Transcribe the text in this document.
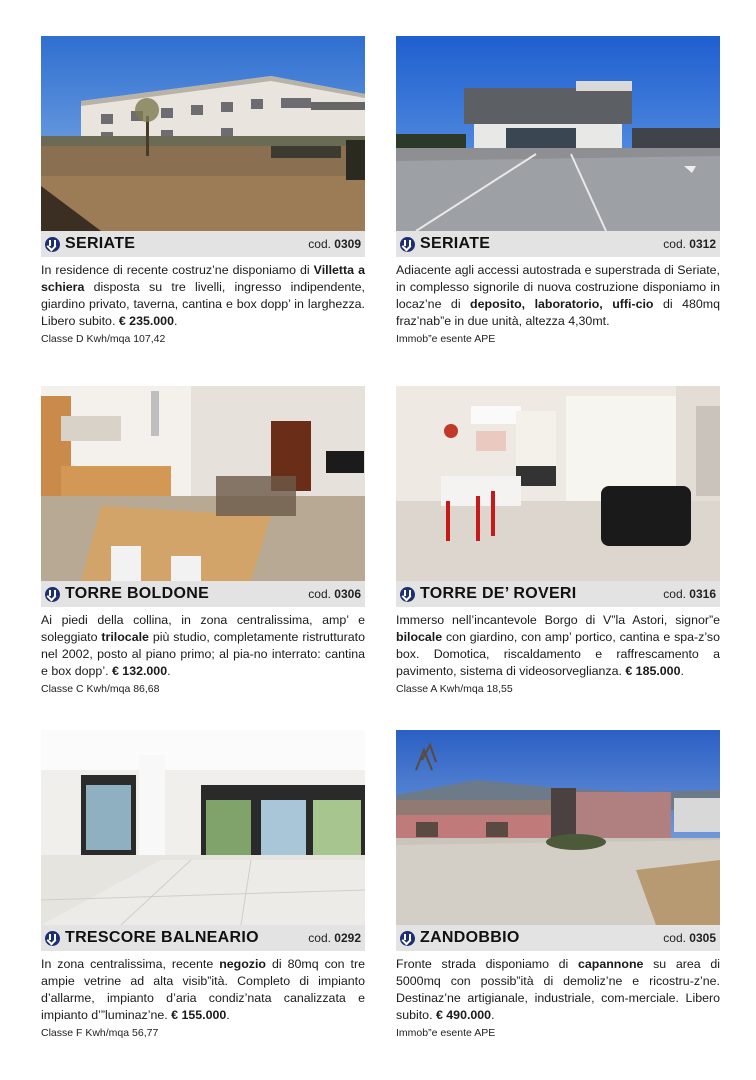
SERIATE	cod. 0309
In residence di recente costruz’ne disponiamo di Villetta a schiera disposta su tre livelli, ingresso indipendente, giardino privato, taverna, cantina e box dopp’ in larghezza. Libero subito. € 235.000.
Classe D Kwh/mqa 107,42
SERIATE	cod. 0312
Adiacente agli accessi autostrada e superstrada di Seriate, in complesso signorile di nuova costruzione disponiamo in locaz’ne di deposito, laboratorio, uffi-cio di 480mq fraz’nab”e in due unità, altezza 4,30mt.
Immob”e esente APE
TORRE BOLDONE	cod. 0306
Ai piedi della collina, in zona centralissima, amp’ e soleggiato trilocale più studio, completamente ristrutturato nel 2002, posto al piano primo; al pia-no interrato: cantina e box dopp’. € 132.000.
Classe C Kwh/mqa 86,68
TORRE DE’ ROVERI	cod. 0316
Immerso nell’incantevole Borgo di V”la Astori, signor”e bilocale con giardino, con amp’ portico, cantina e spa-z’so box. Domotica, riscaldamento e raffrescamento a pavimento, sistema di videosorveglianza. € 185.000.
Classe A Kwh/mqa 18,55
TRESCORE BALNEARIO	cod. 0292
In zona centralissima, recente negozio di 80mq con tre ampie vetrine ad alta visib”ità. Completo di impianto d’allarme, impianto d’aria condiz’nata canalizzata e impianto d’”luminaz’ne. € 155.000.
Classe F Kwh/mqa 56,77
ZANDOBBIO	cod. 0305
Fronte strada disponiamo di capannone su area di 5000mq con possib”ità di demoliz’ne e ricostru-z’ne. Destinaz’ne artigianale, industriale, com-merciale. Libero subito. € 490.000.
Immob”e esente APE
